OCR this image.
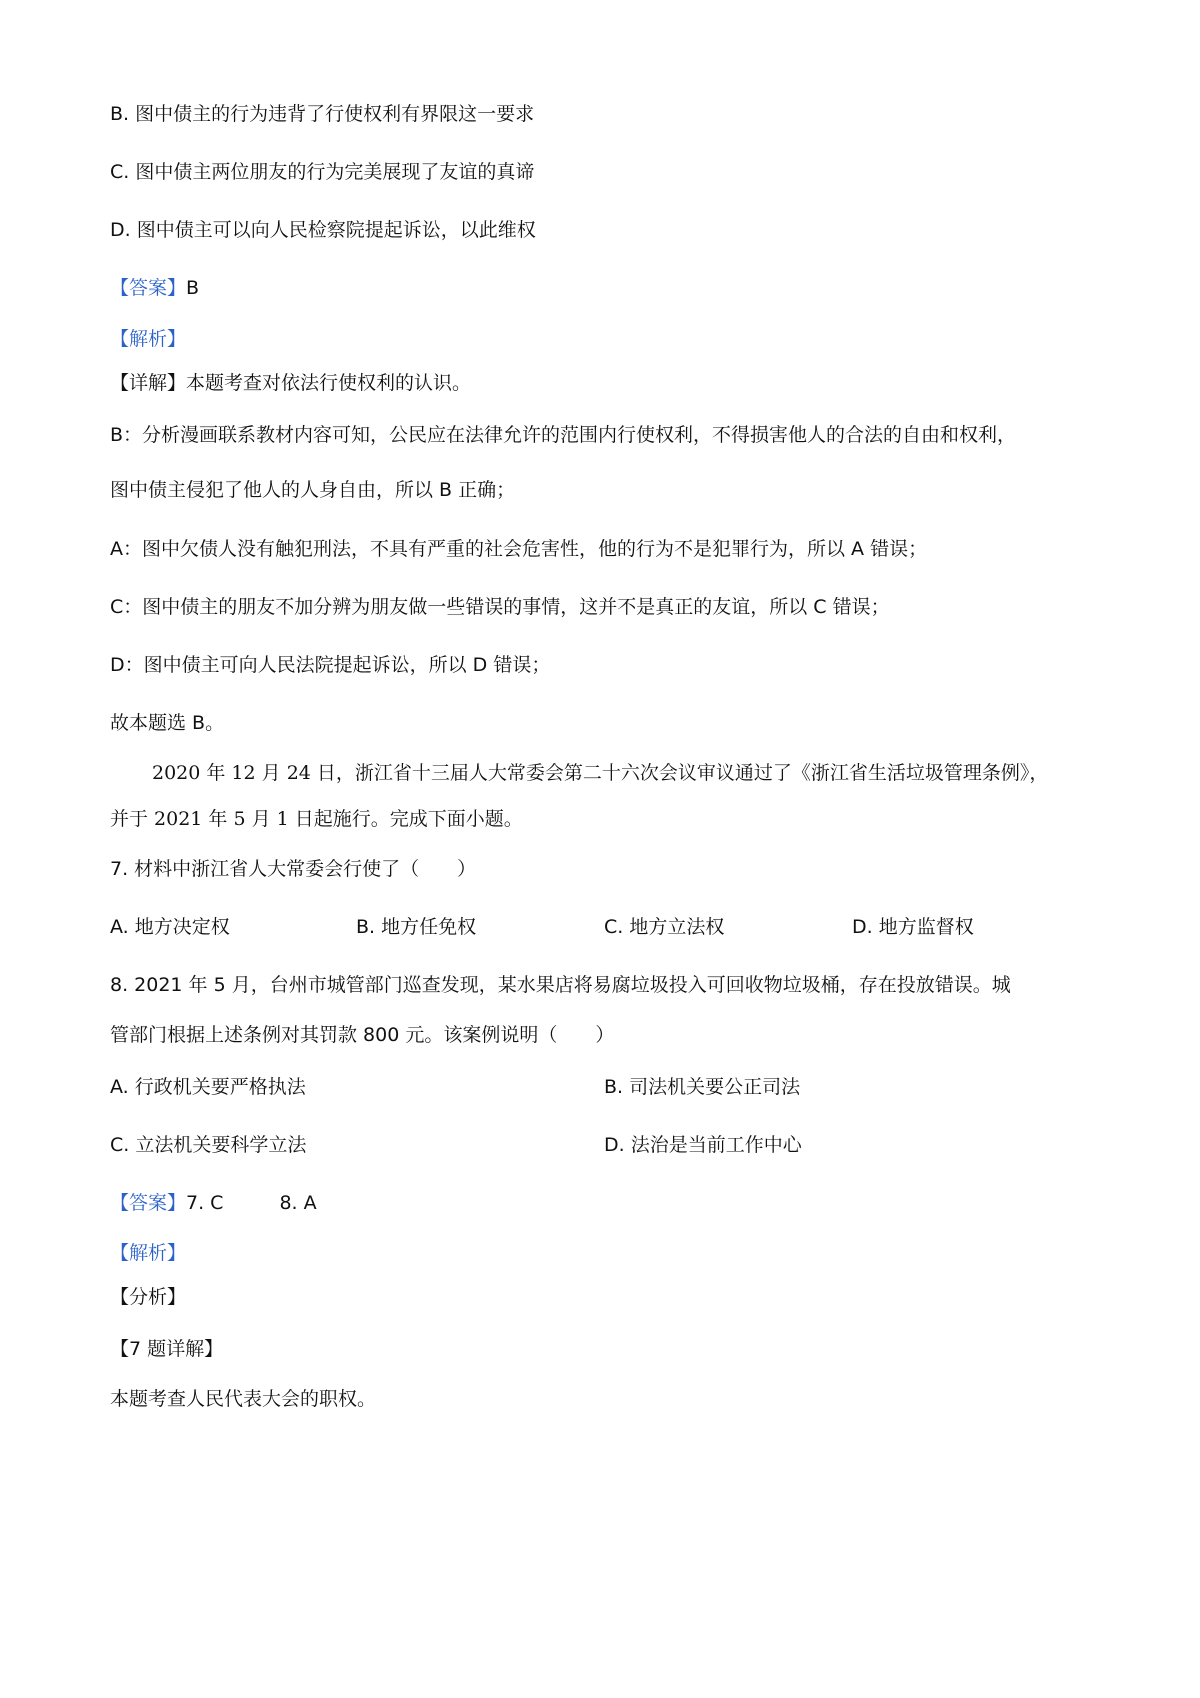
B. 图中债主的行为违背了行使权利有界限这一要求
C. 图中债主两位朋友的行为完美展现了友谊的真谛
D. 图中债主可以向人民检察院提起诉讼，以此维权
【答案】B
【解析】
【详解】本题考查对依法行使权利的认识。
B：分析漫画联系教材内容可知，公民应在法律允许的范围内行使权利，不得损害他人的合法的自由和权利，
图中债主侵犯了他人的人身自由，所以 B 正确；
A：图中欠债人没有触犯刑法，不具有严重的社会危害性，他的行为不是犯罪行为，所以 A 错误；
C：图中债主的朋友不加分辨为朋友做一些错误的事情，这并不是真正的友谊，所以 C 错误；
D：图中债主可向人民法院提起诉讼，所以 D 错误；
故本题选 B。
2020 年 12 月 24 日，浙江省十三届人大常委会第二十六次会议审议通过了《浙江省生活垃圾管理条例》，
并于 2021 年 5 月 1 日起施行。完成下面小题。
7. 材料中浙江省人大常委会行使了（　　）
A. 地方决定权	B. 地方任免权	C. 地方立法权	D. 地方监督权
8. 2021 年 5 月，台州市城管部门巡查发现，某水果店将易腐垃圾投入可回收物垃圾桶，存在投放错误。城
管部门根据上述条例对其罚款 800 元。该案例说明（　　）
A. 行政机关要严格执法	B. 司法机关要公正司法
C. 立法机关要科学立法	D. 法治是当前工作中心
【答案】7. C	8. A
【解析】
【分析】
【7 题详解】
本题考查人民代表大会的职权。
